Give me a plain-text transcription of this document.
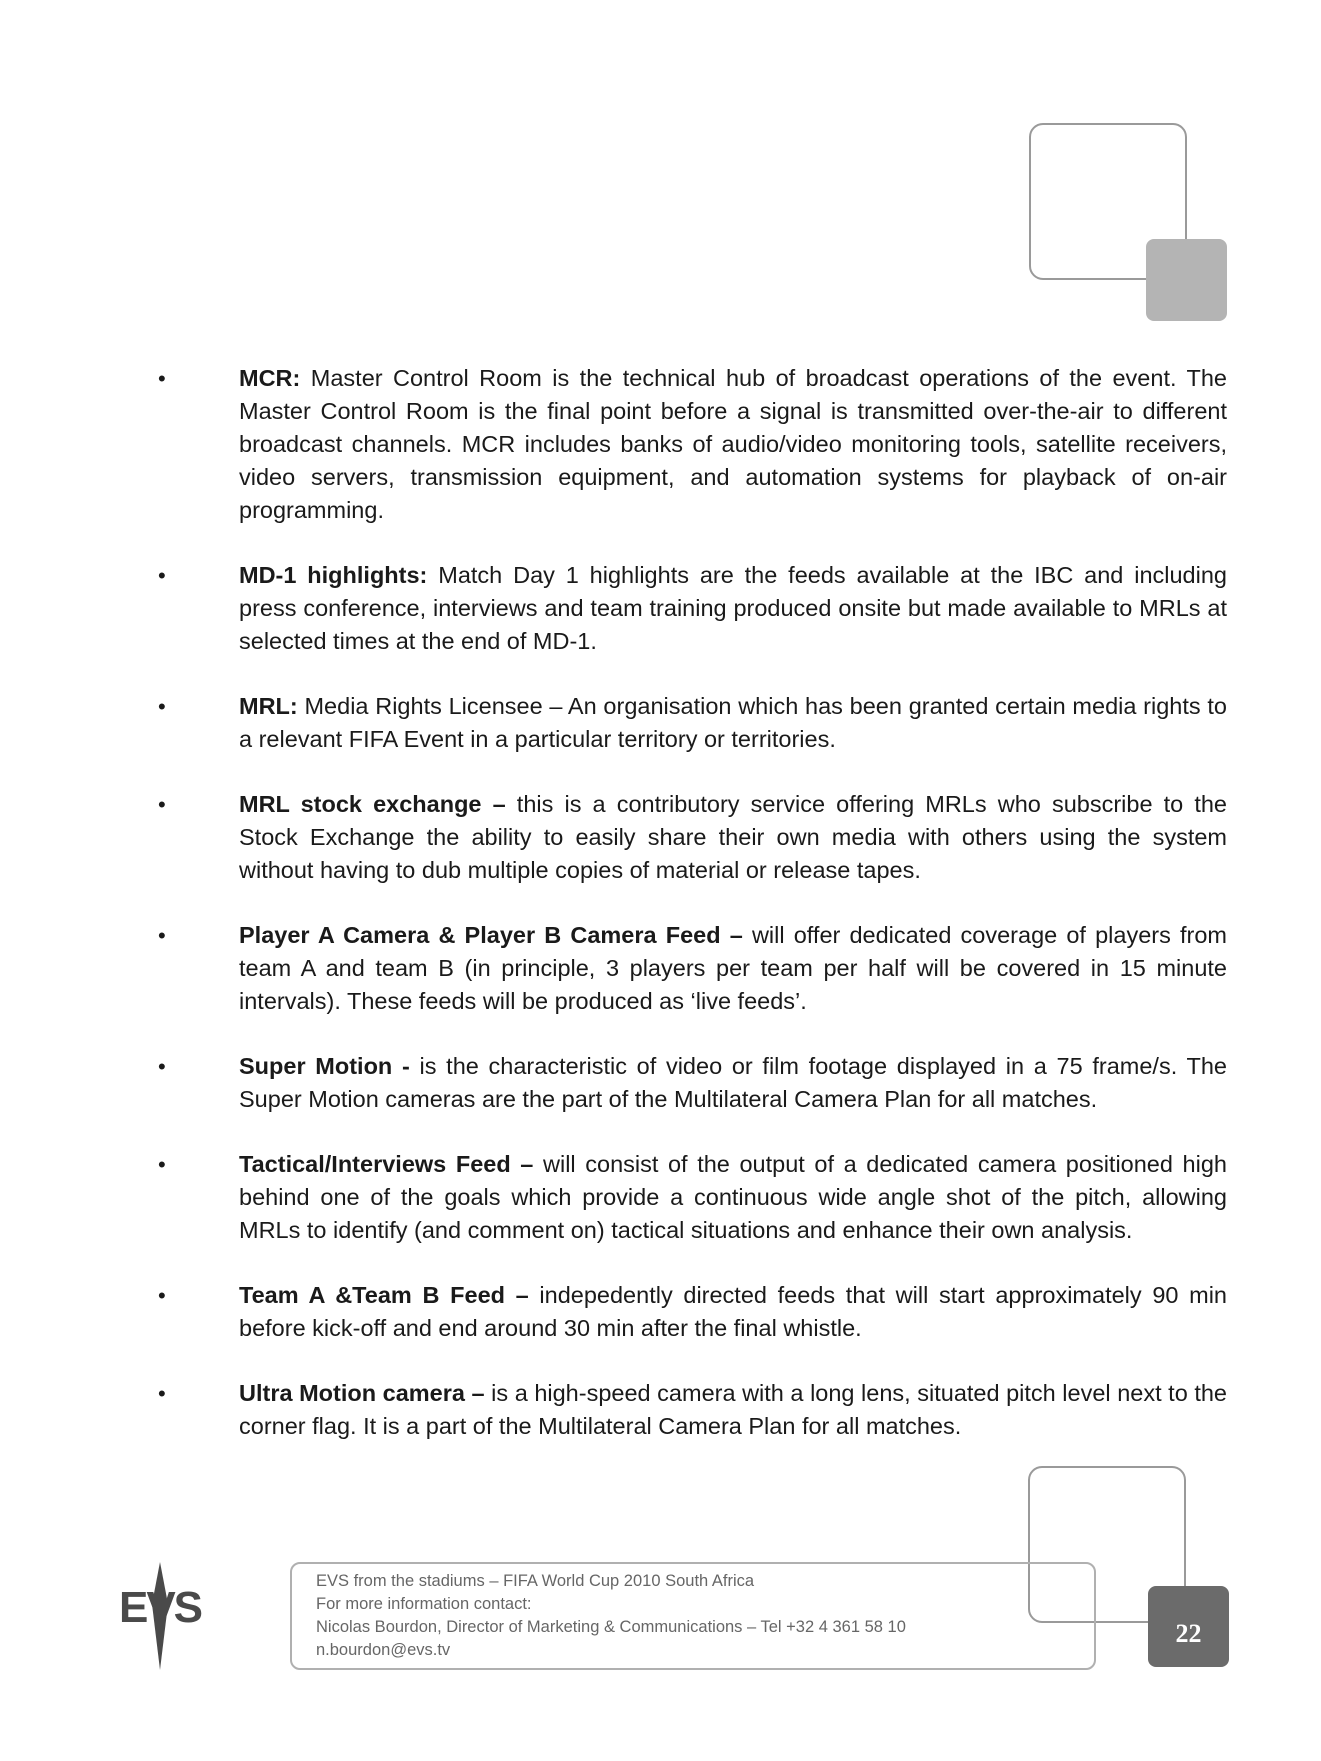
•	MCR: Master Control Room is the technical hub of broadcast operations of the event. The Master Control Room is the final point before a signal is transmitted over-the-air to different broadcast channels. MCR includes banks of audio/video monitoring tools, satellite receivers, video servers, transmission equipment, and automation systems for playback of on-air programming.
•	MD-1 highlights: Match Day 1 highlights are the feeds available at the IBC and including press conference, interviews and team training produced onsite but made available to MRLs at selected times at the end of MD-1.
•	MRL: Media Rights Licensee – An organisation which has been granted certain media rights to a relevant FIFA Event in a particular territory or territories.
•	MRL stock exchange – this is a contributory service offering MRLs who subscribe to the Stock Exchange the ability to easily share their own media with others using the system without having to dub multiple copies of material or release tapes.
•	Player A Camera & Player B Camera Feed – will offer dedicated coverage of players from team A and team B (in principle, 3 players per team per half will be covered in 15 minute intervals). These feeds will be produced as ‘live feeds’.
•	Super Motion - is the characteristic of video or film footage displayed in a 75 frame/s. The Super Motion cameras are the part of the Multilateral Camera Plan for all matches.
•	Tactical/Interviews Feed – will consist of the output of a dedicated camera positioned high behind one of the goals which provide a continuous wide angle shot of the pitch, allowing MRLs to identify (and comment on) tactical situations and enhance their own analysis.
•	Team A &Team B Feed – indepedently directed feeds that will start approximately 90 min before kick-off and end around 30 min after the final whistle.
•	Ultra Motion camera – is a high-speed camera with a long lens, situated pitch level next to the corner flag. It is a part of the Multilateral Camera Plan for all matches.
EVS
EVS from the stadiums – FIFA World Cup 2010 South Africa
For more information contact:
Nicolas Bourdon, Director of Marketing & Communications – Tel +32 4 361 58 10
n.bourdon@evs.tv
22
